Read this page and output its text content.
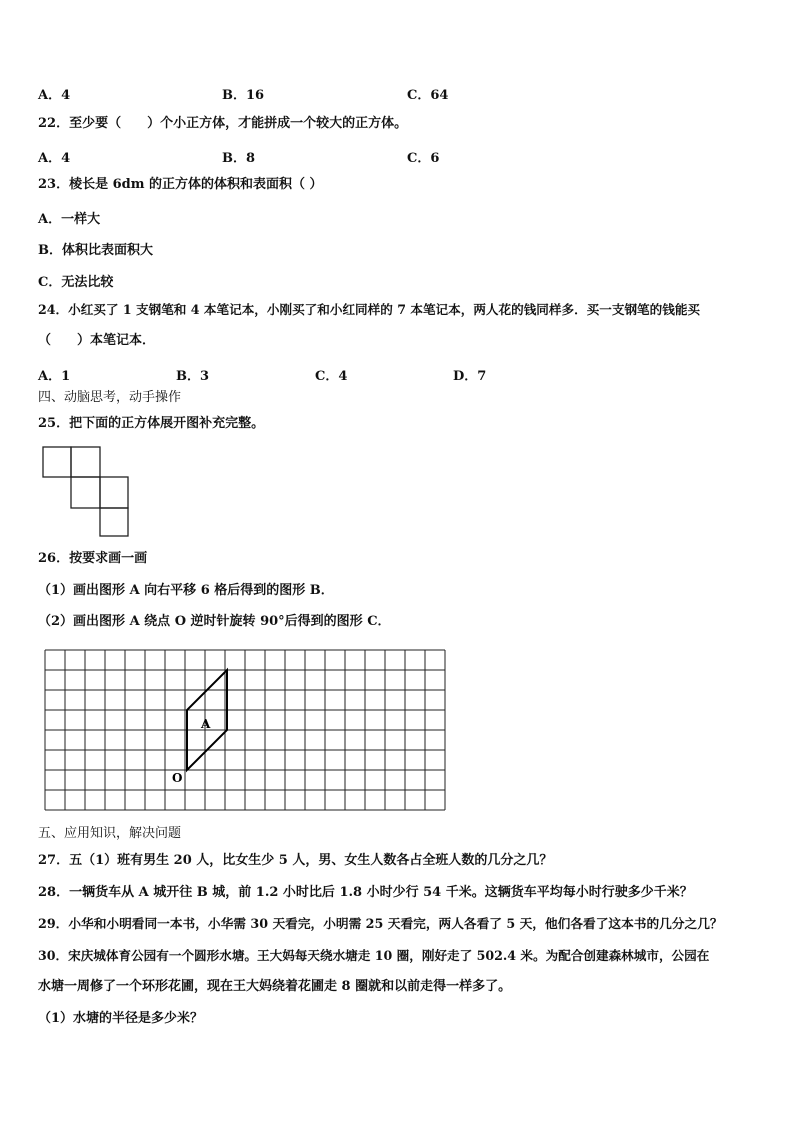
A．4	B．16	C．64
22．至少要（　　）个小正方体，才能拼成一个较大的正方体。
A．4	B．8	C．6
23．棱长是 6dm 的正方体的体积和表面积（ ）
A．一样大
B．体积比表面积大
C．无法比较
24．小红买了 1 支钢笔和 4 本笔记本，小刚买了和小红同样的 7 本笔记本，两人花的钱同样多．买一支钢笔的钱能买
（　　）本笔记本．
A．1	B．3	C．4	D．7
四、动脑思考，动手操作
25．把下面的正方体展开图补充完整。
26．按要求画一画
（1）画出图形 A 向右平移 6 格后得到的图形 B．
（2）画出图形 A 绕点 O 逆时针旋转 90°后得到的图形 C．
A
O
五、应用知识，解决问题
27．五（1）班有男生 20 人，比女生少 5 人，男、女生人数各占全班人数的几分之几？
28．一辆货车从 A 城开往 B 城，前 1.2 小时比后 1.8 小时少行 54 千米。这辆货车平均每小时行驶多少千米？
29．小华和小明看同一本书，小华需 30 天看完，小明需 25 天看完，两人各看了 5 天，他们各看了这本书的几分之几？
30．宋庆城体育公园有一个圆形水塘。王大妈每天绕水塘走 10 圈，刚好走了 502.4 米。为配合创建森林城市，公园在
水塘一周修了一个环形花圃，现在王大妈绕着花圃走 8 圈就和以前走得一样多了。
（1）水塘的半径是多少米？
